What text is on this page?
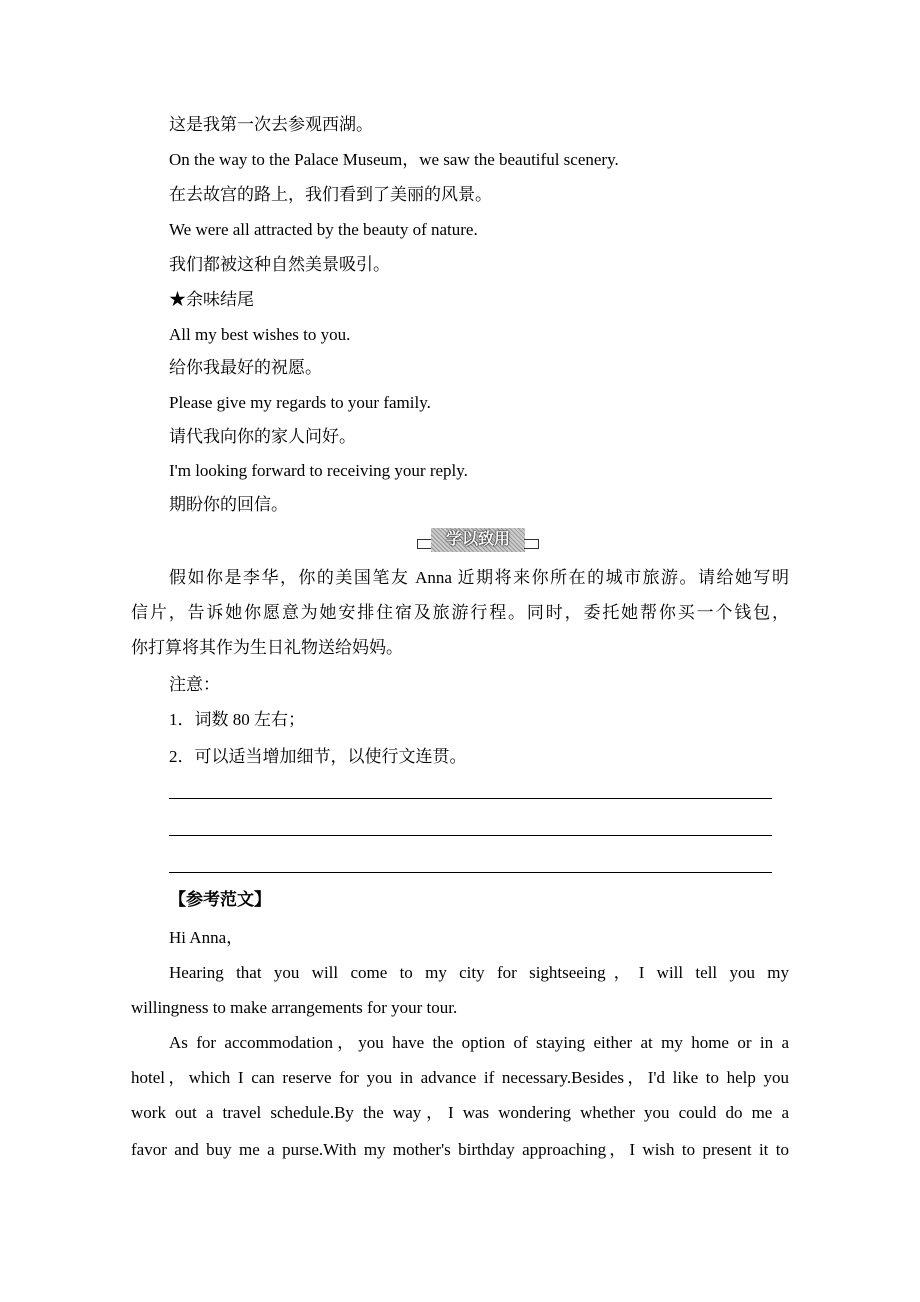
这是我第一次去参观西湖。
On the way to the Palace Museum，we saw the beautiful scenery.
在去故宫的路上，我们看到了美丽的风景。
We were all attracted by the beauty of nature.
我们都被这种自然美景吸引。
★余味结尾
All my best wishes to you.
给你我最好的祝愿。
Please give my regards to your family.
请代我向你的家人问好。
I'm looking forward to receiving your reply.
期盼你的回信。
学以致用
假如你是李华，你的美国笔友 Anna 近期将来你所在的城市旅游。请给她写明
信片，告诉她你愿意为她安排住宿及旅游行程。同时，委托她帮你买一个钱包，
你打算将其作为生日礼物送给妈妈。
注意：
1．词数 80 左右；
2．可以适当增加细节，以使行文连贯。
【参考范文】
Hi Anna，
Hearing that you will come to my city for sightseeing，I will tell you my
willingness to make arrangements for your tour.
As for accommodation，you have the option of staying either at my home or in a
hotel，which I can reserve for you in advance if necessary.Besides，I'd like to help you
work out a travel schedule.By the way，I was wondering whether you could do me a
favor and buy me a purse.With my mother's birthday approaching，I wish to present it to
